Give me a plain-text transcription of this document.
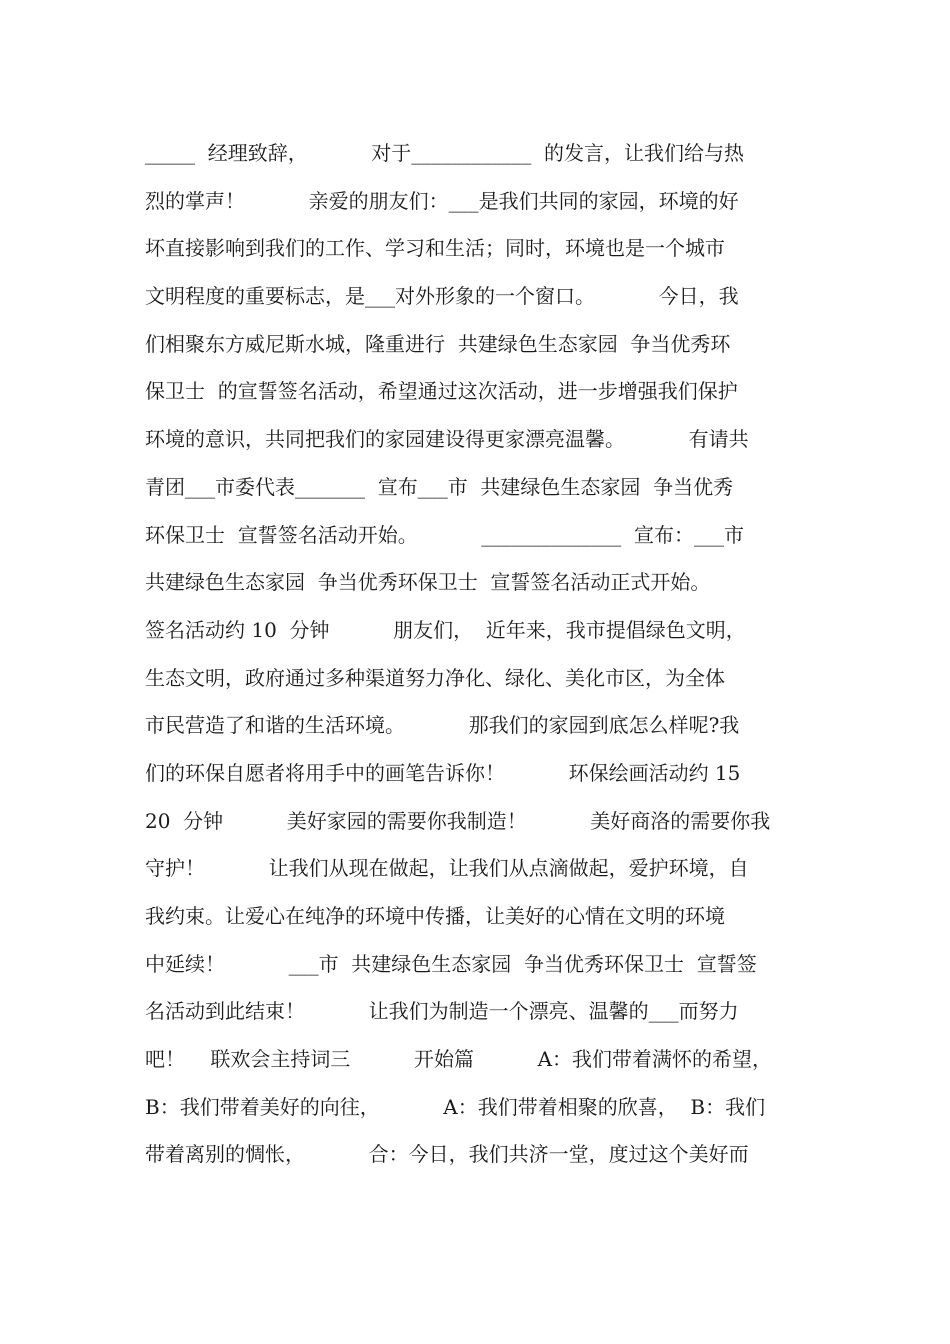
_____  经理致辞，          对于____________  的发言，让我们给与热
烈的掌声！          亲爱的朋友们：___是我们共同的家园，环境的好
坏直接影响到我们的工作、学习和生活；同时，环境也是一个城市
文明程度的重要标志，是___对外形象的一个窗口。          今日，我
们相聚东方威尼斯水城，隆重进行  共建绿色生态家园  争当优秀环
保卫士  的宣誓签名活动，希望通过这次活动，进一步增强我们保护
环境的意识，共同把我们的家园建设得更家漂亮温馨。          有请共
青团___市委代表_______  宣布___市  共建绿色生态家园  争当优秀
环保卫士  宣誓签名活动开始。          ______________  宣布：___市
共建绿色生态家园  争当优秀环保卫士  宣誓签名活动正式开始。
签名活动约 10  分钟          朋友们，  近年来，我市提倡绿色文明，
生态文明，政府通过多种渠道努力净化、绿化、美化市区，为全体
市民营造了和谐的生活环境。          那我们的家园到底怎么样呢?我
们的环保自愿者将用手中的画笔告诉你！          环保绘画活动约 15
20  分钟          美好家园的需要你我制造！          美好商洛的需要你我
守护！          让我们从现在做起，让我们从点滴做起，爱护环境，自
我约束。让爱心在纯净的环境中传播，让美好的心情在文明的环境
中延续！          ___市  共建绿色生态家园  争当优秀环保卫士  宣誓签
名活动到此结束！          让我们为制造一个漂亮、温馨的___而努力
吧！    联欢会主持词三          开始篇          A：我们带着满怀的希望，
B：我们带着美好的向往，          A：我们带着相聚的欣喜，  B：我们
带着离别的惆怅，          合：今日，我们共济一堂，度过这个美好而
